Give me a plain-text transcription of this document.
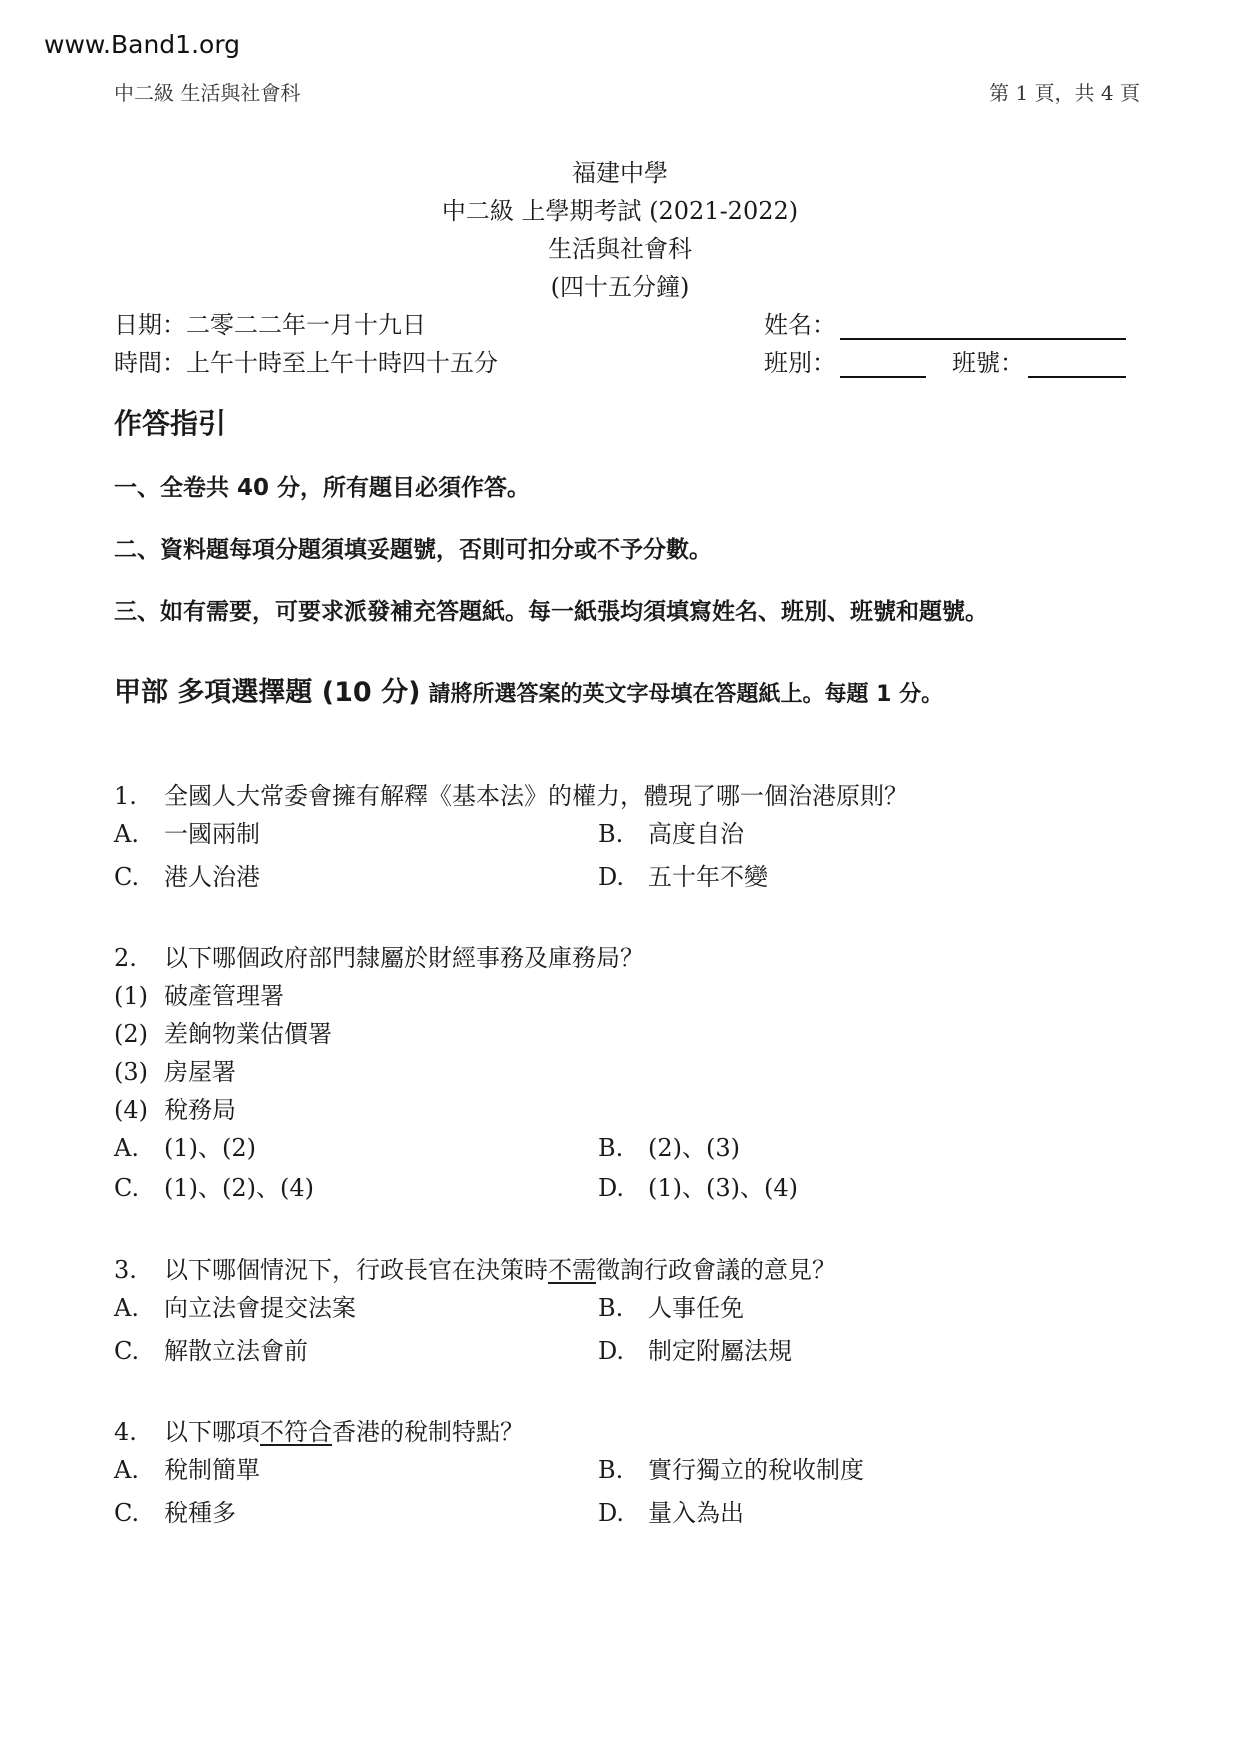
www.Band1.org
中二級 生活與社會科	第 1 頁，共 4 頁
福建中學
中二級 上學期考試 (2021-2022)
生活與社會科
(四十五分鐘)
日期：二零二二年一月十九日
時間：上午十時至上午十時四十五分
姓名：
班別：	班號：
作答指引
一、全卷共 40 分，所有題目必須作答。
二、資料題每項分題須填妥題號，否則可扣分或不予分數。
三、如有需要，可要求派發補充答題紙。每一紙張均須填寫姓名、班別、班號和題號。
甲部 多項選擇題 (10 分) 請將所選答案的英文字母填在答題紙上。每題 1 分。
1. 全國人大常委會擁有解釋《基本法》的權力，體現了哪一個治港原則？
A. 一國兩制	B. 高度自治
C. 港人治港	D. 五十年不變
2. 以下哪個政府部門隸屬於財經事務及庫務局？
(1) 破產管理署
(2) 差餉物業估價署
(3) 房屋署
(4) 稅務局
A. (1)、(2)	B. (2)、(3)
C. (1)、(2)、(4)	D. (1)、(3)、(4)
3. 以下哪個情況下，行政長官在決策時不需徵詢行政會議的意見？
A. 向立法會提交法案	B. 人事任免
C. 解散立法會前	D. 制定附屬法規
4. 以下哪項不符合香港的稅制特點？
A. 稅制簡單	B. 實行獨立的稅收制度
C. 稅種多	D. 量入為出
